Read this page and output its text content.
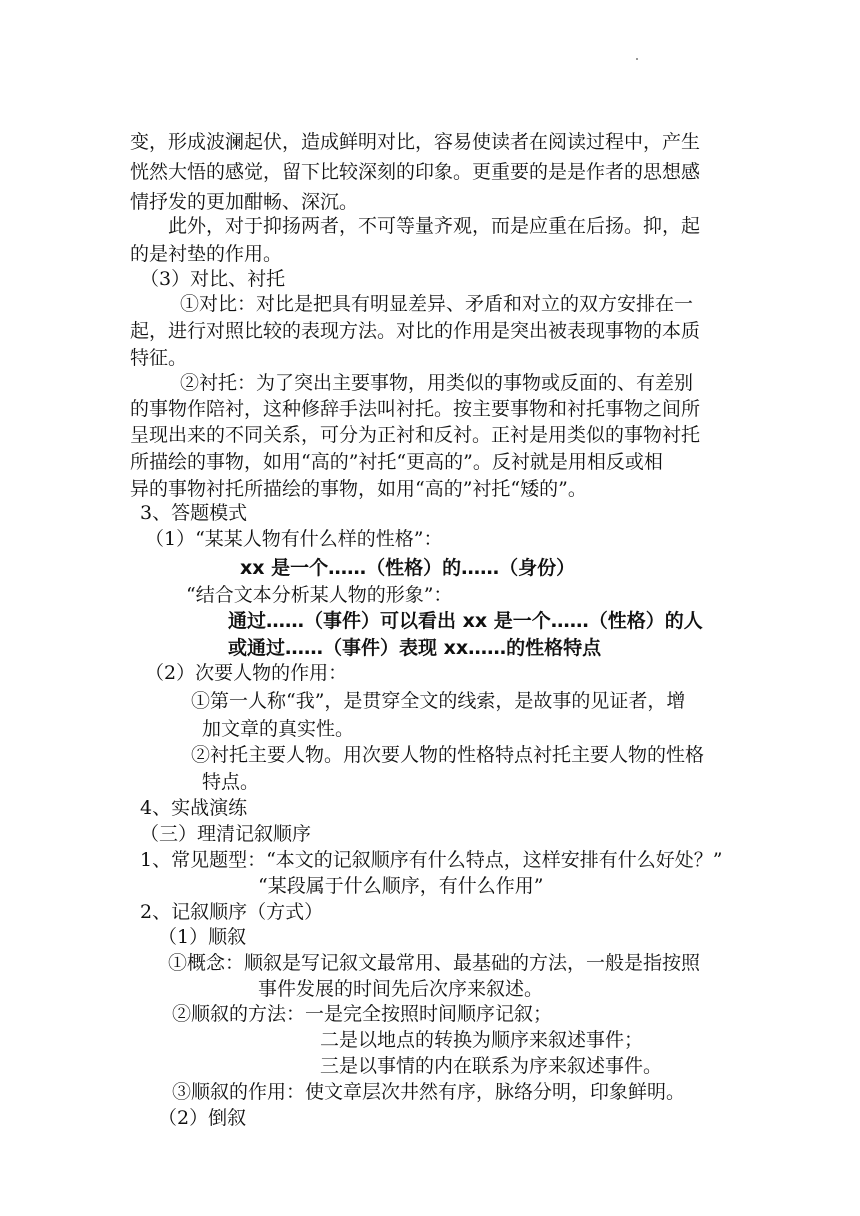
变，形成波澜起伏，造成鲜明对比，容易使读者在阅读过程中，产生
恍然大悟的感觉，留下比较深刻的印象。更重要的是是作者的思想感
情抒发的更加酣畅、深沉。
此外，对于抑扬两者，不可等量齐观，而是应重在后扬。抑，起
的是衬垫的作用。
（3）对比、衬托
①对比：对比是把具有明显差异、矛盾和对立的双方安排在一
起，进行对照比较的表现方法。对比的作用是突出被表现事物的本质
特征。
②衬托：为了突出主要事物，用类似的事物或反面的、有差别
的事物作陪衬，这种修辞手法叫衬托。按主要事物和衬托事物之间所
呈现出来的不同关系，可分为正衬和反衬。正衬是用类似的事物衬托
所描绘的事物，如用“高的”衬托“更高的”。反衬就是用相反或相
异的事物衬托所描绘的事物，如用“高的”衬托“矮的”。
3、答题模式
（1）“某某人物有什么样的性格”：
xx 是一个……（性格）的……（身份）
“结合文本分析某人物的形象”：
通过……（事件）可以看出 xx 是一个……（性格）的人
或通过……（事件）表现 xx……的性格特点
（2）次要人物的作用：
①第一人称“我”，是贯穿全文的线索，是故事的见证者，增
加文章的真实性。
②衬托主要人物。用次要人物的性格特点衬托主要人物的性格
特点。
4、实战演练
（三）理清记叙顺序
1、常见题型：“本文的记叙顺序有什么特点，这样安排有什么好处？”
“某段属于什么顺序，有什么作用”
2、记叙顺序（方式）
（1）顺叙
①概念：顺叙是写记叙文最常用、最基础的方法，一般是指按照
事件发展的时间先后次序来叙述。
②顺叙的方法：一是完全按照时间顺序记叙；
二是以地点的转换为顺序来叙述事件；
三是以事情的内在联系为序来叙述事件。
③顺叙的作用：使文章层次井然有序，脉络分明，印象鲜明。
（2）倒叙
